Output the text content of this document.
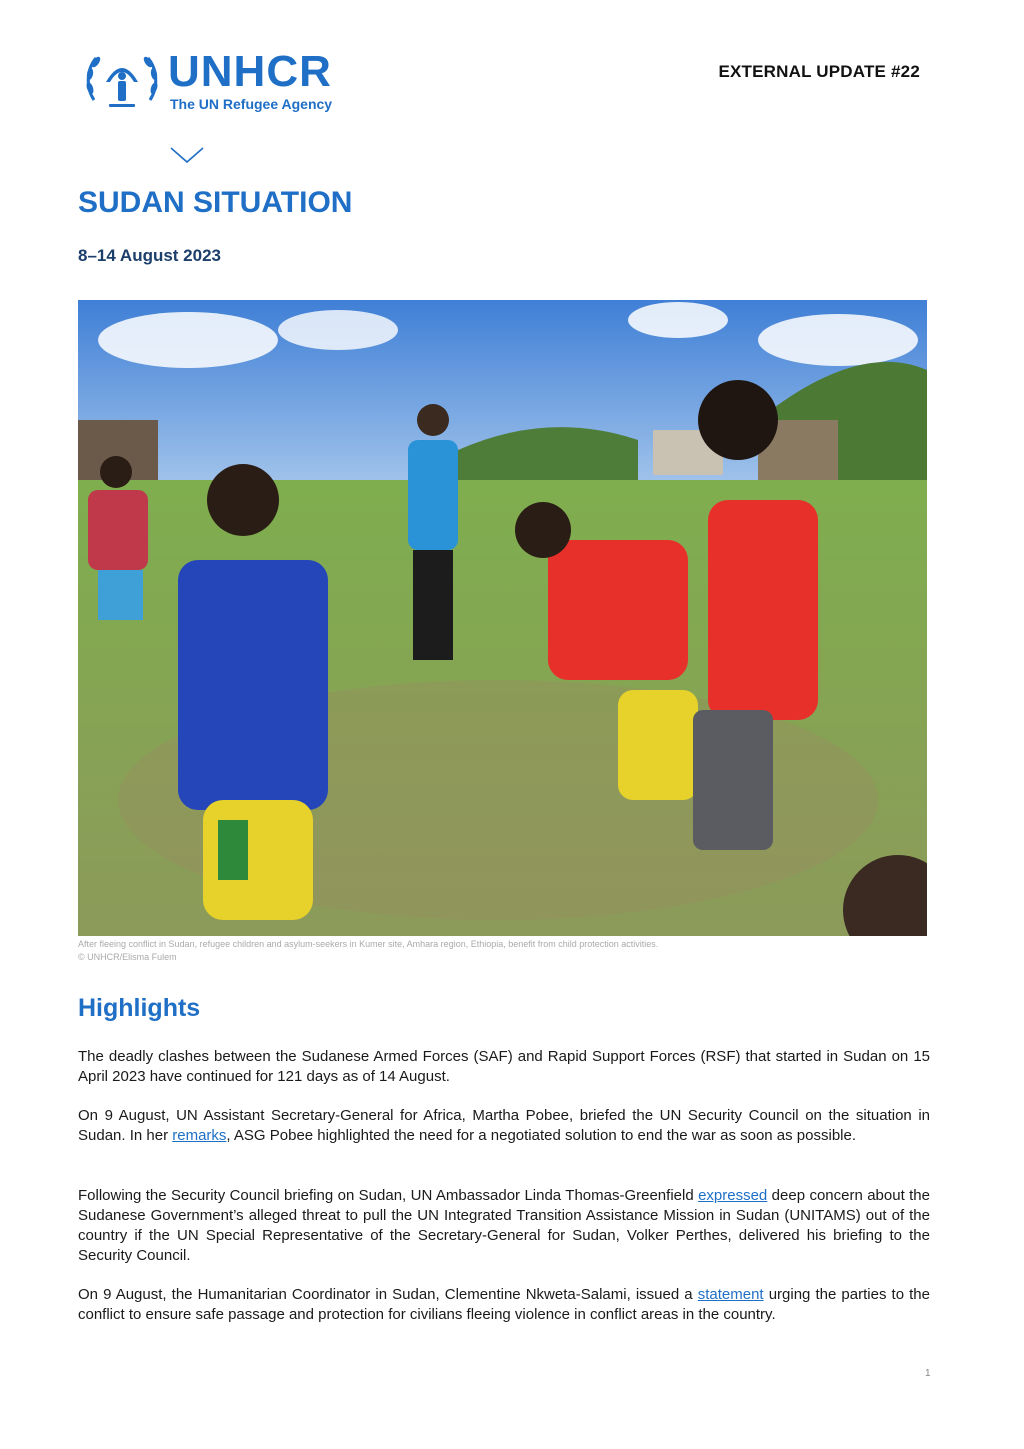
UNHCR
The UN Refugee Agency
EXTERNAL UPDATE #22
SUDAN SITUATION
8–14 August 2023
After fleeing conflict in Sudan, refugee children and asylum-seekers in Kumer site, Amhara region, Ethiopia, benefit from child protection activities.
© UNHCR/Elisma Fulem
Highlights

The deadly clashes between the Sudanese Armed Forces (SAF) and Rapid Support Forces (RSF) that started in Sudan on 15 April 2023 have continued for 121 days as of 14 August.

On 9 August, UN Assistant Secretary-General for Africa, Martha Pobee, briefed the UN Security Council on the situation in Sudan. In her remarks, ASG Pobee highlighted the need for a negotiated solution to end the war as soon as possible.

Following the Security Council briefing on Sudan, UN Ambassador Linda Thomas-Greenfield expressed deep concern about the Sudanese Government’s alleged threat to pull the UN Integrated Transition Assistance Mission in Sudan (UNITAMS) out of the country if the UN Special Representative of the Secretary-General for Sudan, Volker Perthes, delivered his briefing to the Security Council.

On 9 August, the Humanitarian Coordinator in Sudan, Clementine Nkweta-Salami, issued a statement urging the parties to the conflict to ensure safe passage and protection for civilians fleeing violence in conflict areas in the country.

1
